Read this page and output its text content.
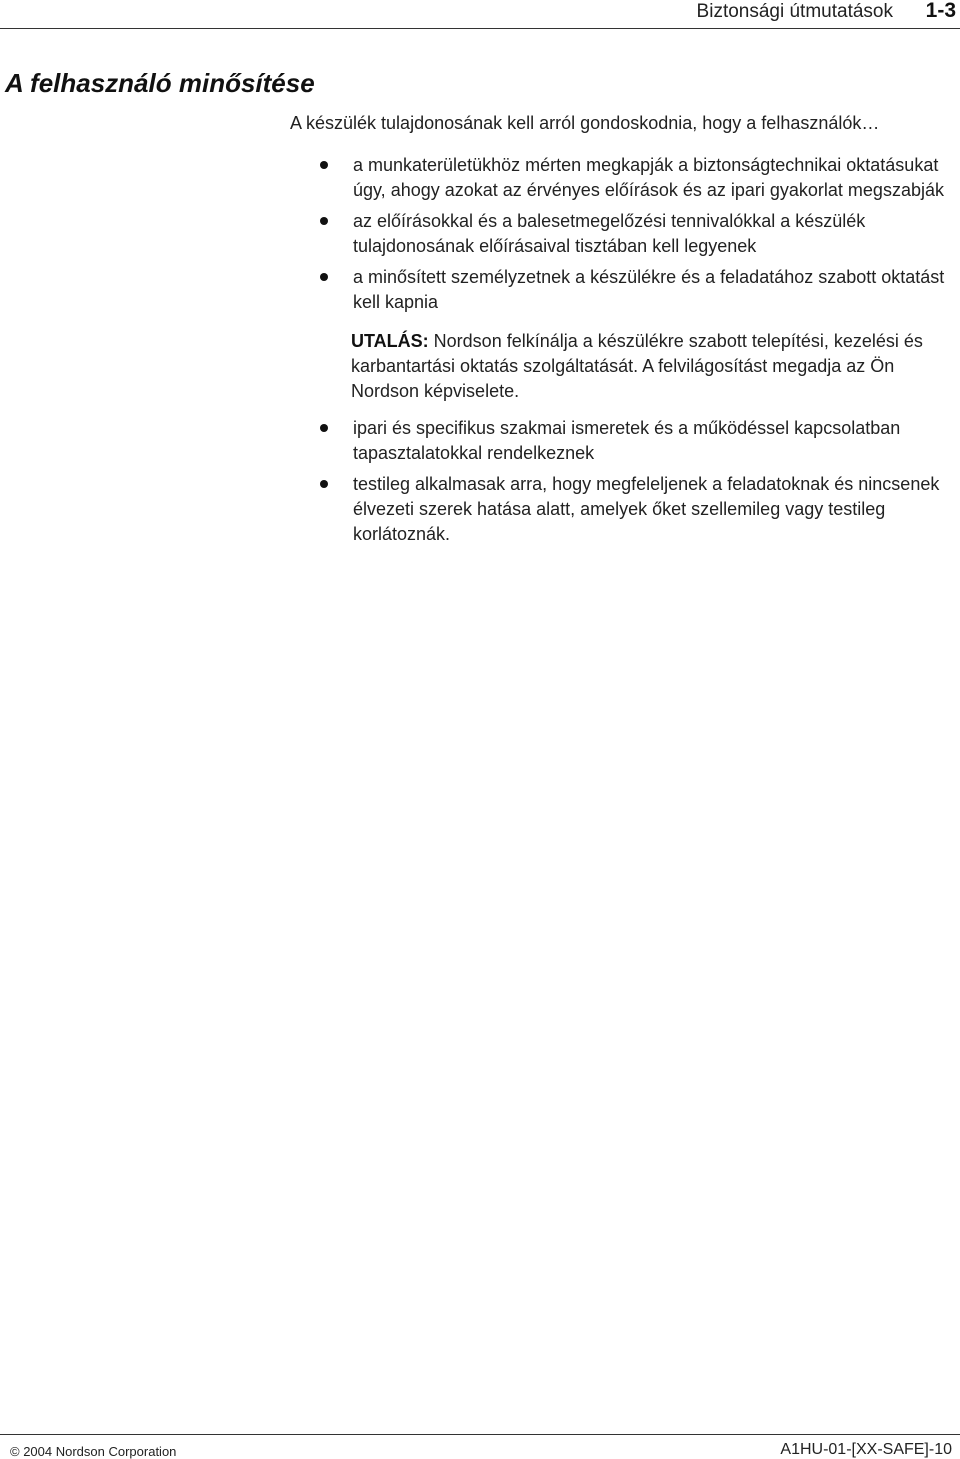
Biztonsági útmutatások 1-3
A felhasználó minősítése
A készülék tulajdonosának kell arról gondoskodnia, hogy a felhasználók…
a munkaterületükhöz mérten megkapják a biztonságtechnikai oktatásukat úgy, ahogy azokat az érvényes előírások és az ipari gyakorlat megszabják
az előírásokkal és a balesetmegelőzési tennivalókkal a készülék tulajdonosának előírásaival tisztában kell legyenek
a minősített személyzetnek a készülékre és a feladatához szabott oktatást kell kapnia
UTALÁS: Nordson felkínálja a készülékre szabott telepítési, kezelési és karbantartási oktatás szolgáltatását. A felvilágosítást megadja az Ön Nordson képviselete.
ipari és specifikus szakmai ismeretek és a működéssel kapcsolatban tapasztalatokkal rendelkeznek
testileg alkalmasak arra, hogy megfeleljenek a feladatoknak és nincsenek élvezeti szerek hatása alatt, amelyek őket szellemileg vagy testileg korlátoznák.
© 2004 Nordson Corporation	A1HU-01-[XX-SAFE]-10
